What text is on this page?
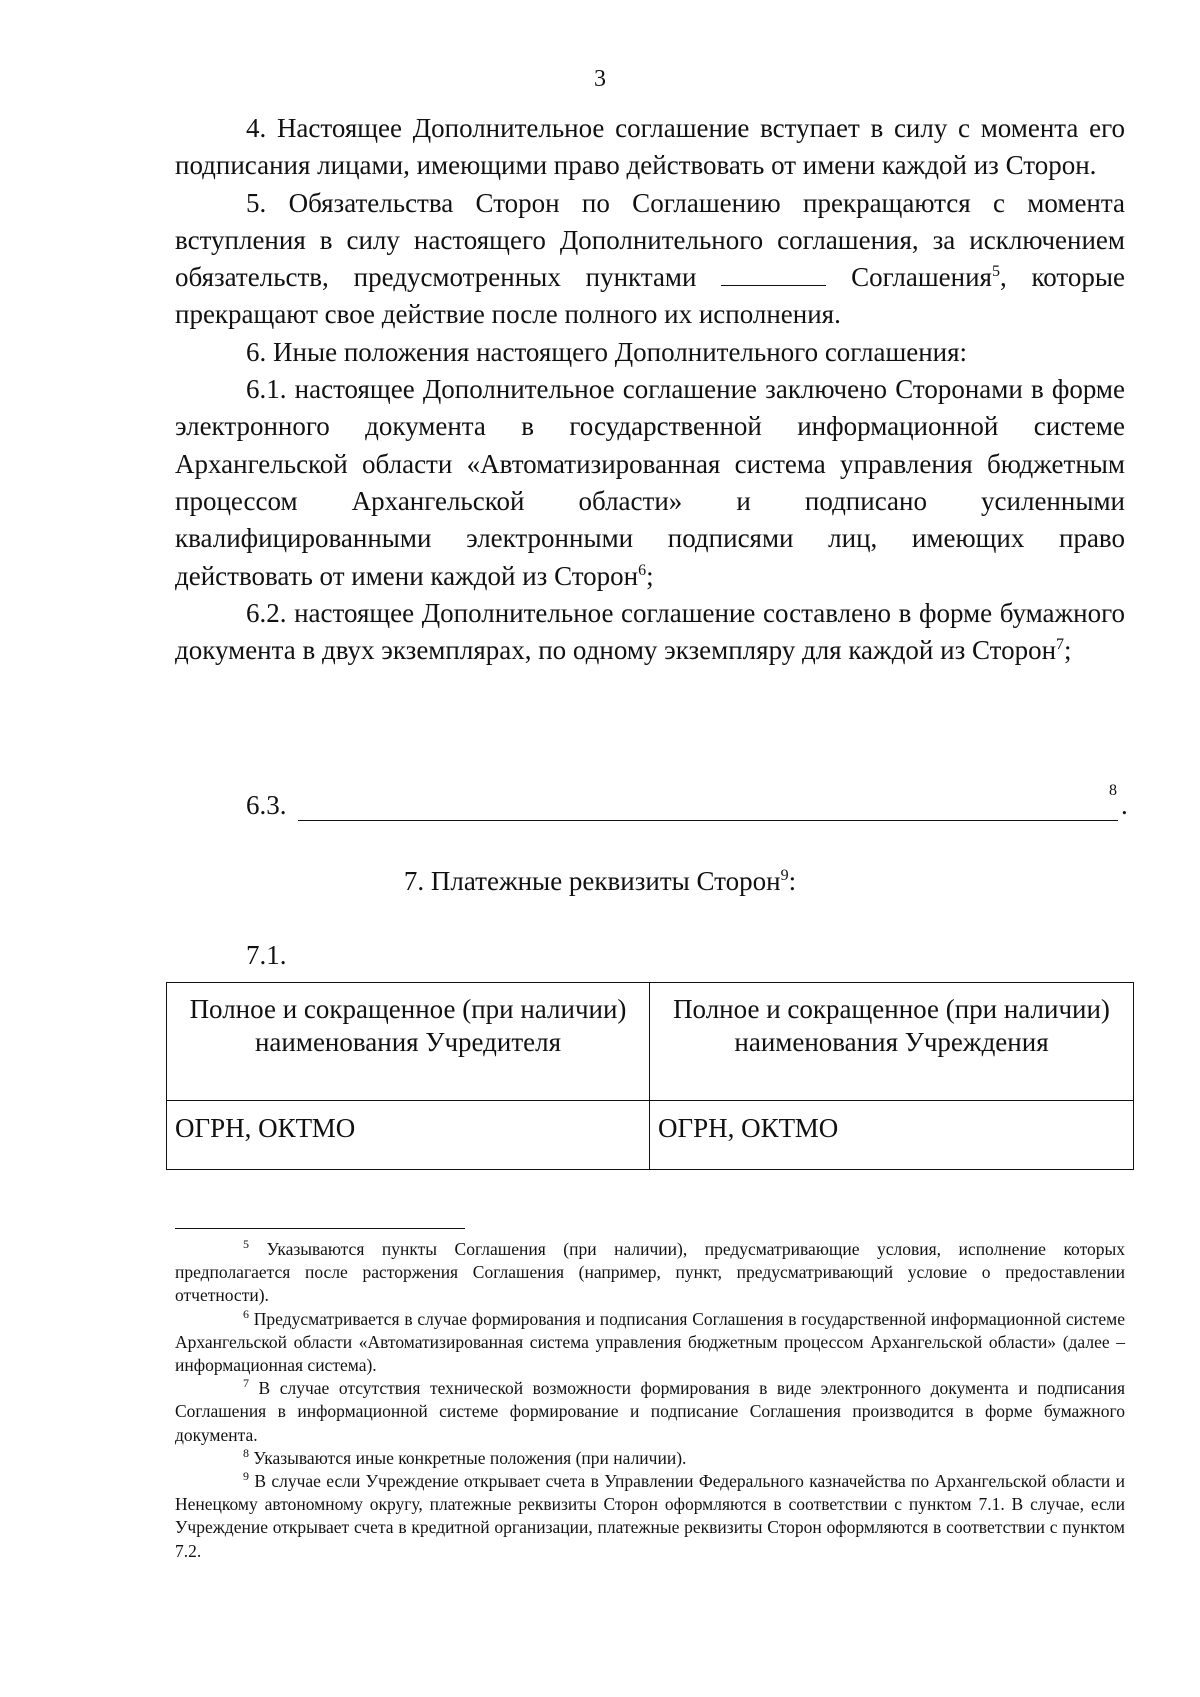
3

4. Настоящее Дополнительное соглашение вступает в силу с момента его подписания лицами, имеющими право действовать от имени каждой из Сторон.

5. Обязательства Сторон по Соглашению прекращаются с момента вступления в силу настоящего Дополнительного соглашения, за исключением обязательств, предусмотренных пунктами	Соглашения$^5$, которые прекращают свое действие после полного их исполнения.

6. Иные положения настоящего Дополнительного соглашения:

6.1. настоящее Дополнительное соглашение заключено Сторонами в форме электронного документа в государственной информационной системе Архангельской области «Автоматизированная система управления бюджетным процессом Архангельской области» и подписано усиленными квалифицированными электронными подписями лиц, имеющих право действовать от имени каждой из Сторон$^6$;

6.2. настоящее Дополнительное соглашение составлено в форме бумажного документа в двух экземплярах, по одному экземпляру для каждой из Сторон$^7$;

6.3.	8 .
7. Платежные реквизиты Сторон$^9$:
7.1.
Полное и сокращенное (при наличии) наименования Учредителя	Полное и сокращенное (при наличии) наименования Учреждения
ОГРН, ОКТМО	ОГРН, ОКТМО

$^5$ Указываются пункты Соглашения (при наличии), предусматривающие условия, исполнение которых предполагается после расторжения Соглашения (например, пункт, предусматривающий условие о предоставлении отчетности).

$^6$ Предусматривается в случае формирования и подписания Соглашения в государственной информационной системе Архангельской области «Автоматизированная система управления бюджетным процессом Архангельской области» (далее – информационная система).

$^7$ В случае отсутствия технической возможности формирования в виде электронного документа и подписания Соглашения в информационной системе формирование и подписание Соглашения производится в форме бумажного документа.

$^8$ Указываются иные конкретные положения (при наличии).

$^9$ В случае если Учреждение открывает счета в Управлении Федерального казначейства по Архангельской области и Ненецкому автономному округу, платежные реквизиты Сторон оформляются в соответствии с пунктом 7.1. В случае, если Учреждение открывает счета в кредитной организации, платежные реквизиты Сторон оформляются в соответствии с пунктом 7.2.
